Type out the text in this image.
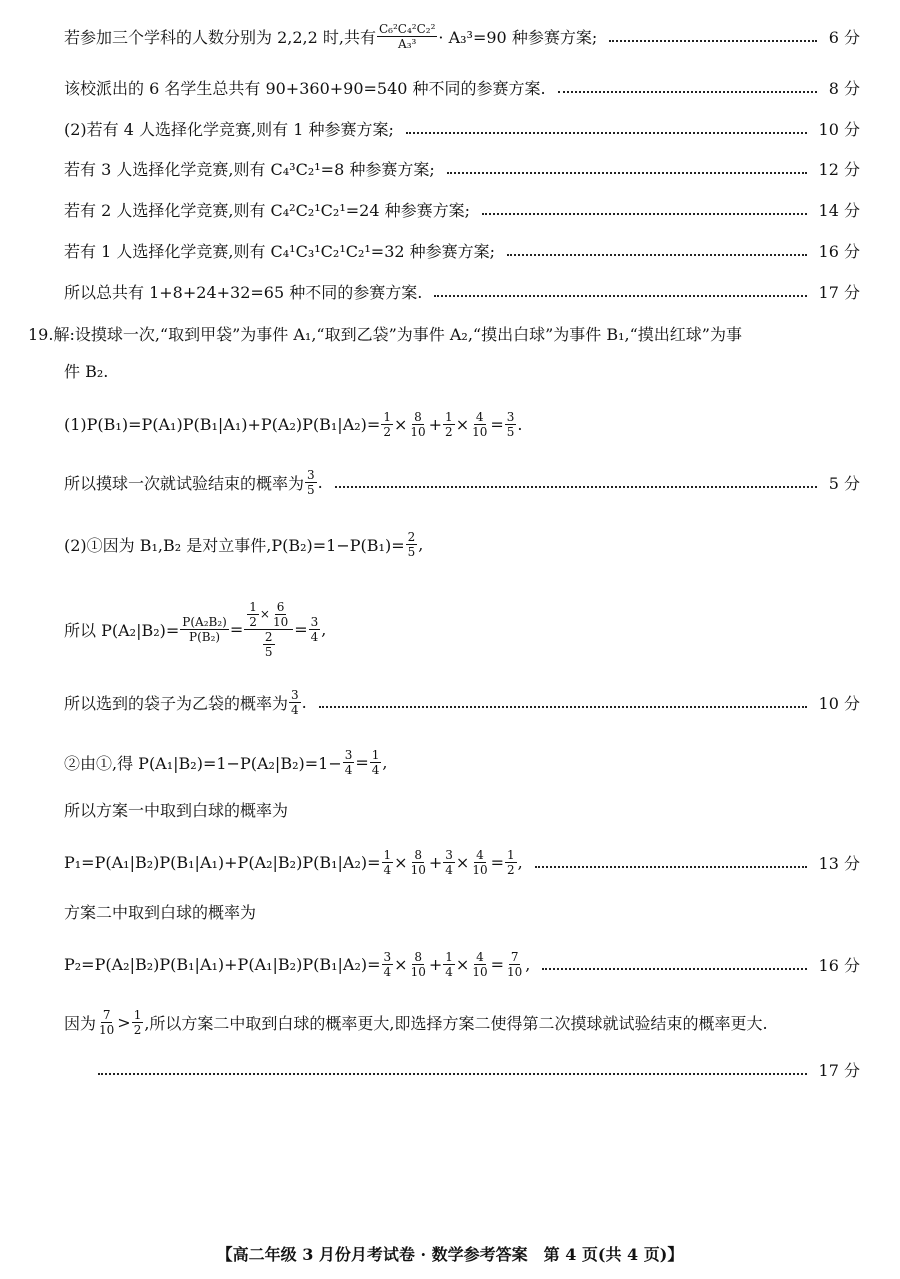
若参加三个学科的人数分别为 2,2,2 时,共有 $\frac{\text{C₆²C₄²C₂²}}{\text{A₃³}} \cdot A_3^3=90$ 种参赛方案;	6 分
该校派出的 6 名学生总共有 90+360+90=540 种不同的参赛方案.	8 分
(2)若有 4 人选择化学竞赛,则有 1 种参赛方案;	10 分
若有 3 人选择化学竞赛,则有 C₄³C₂¹=8 种参赛方案;	12 分
若有 2 人选择化学竞赛,则有 C₄²C₂¹C₂¹=24 种参赛方案;	14 分
若有 1 人选择化学竞赛,则有 C₄¹C₃¹C₂¹C₂¹=32 种参赛方案;	16 分
所以总共有 1+8+24+32=65 种不同的参赛方案.	17 分
19.解:设摸球一次,“取到甲袋”为事件 A₁,“取到乙袋”为事件 A₂,“摸出白球”为事件 B₁,“摸出红球”为事
件 B₂.
$(1)P(B_1)=P(A_1)P(B_1|A_1)+P(A_2)P(B_1|A_2)= \frac{1}{2} \times \frac{8}{10} + \frac{1}{2} \times \frac{4}{10} = \frac{3}{5}$ .
所以摸球一次就试验结束的概率为 $\frac{3}{5}$ .	5 分
(2)①因为 B₁,B₂ 是对立事件$,P(B_2)=1-P(B_1)= \frac{2}{5}$ ,
所以 $P(A_2|B_2)= \frac{\text{P(A₂B₂)}}{\text{P(B₂)}} = \frac{\frac{1}{2} \times \frac{6}{10}}{\frac{2}{5}} = \frac{3}{4}$ ,
所以选到的袋子为乙袋的概率为 $\frac{3}{4}$ .	10 分
②由①,得 $P(A_1|B_2)=1-P(A_2|B_2)=1- \frac{3}{4} = \frac{1}{4}$ ,
所以方案一中取到白球的概率为
$P_1=P(A_1|B_2)P(B_1|A_1)+P(A_2|B_2)P(B_1|A_2)= \frac{1}{4} \times \frac{8}{10} + \frac{3}{4} \times \frac{4}{10} = \frac{1}{2}$ ,	13 分
方案二中取到白球的概率为
$P_2=P(A_2|B_2)P(B_1|A_1)+P(A_1|B_2)P(B_1|A_2)= \frac{3}{4} \times \frac{8}{10} + \frac{1}{4} \times \frac{4}{10} = \frac{7}{10}$ ,	16 分
因为 $\frac{7}{10} > \frac{1}{2}$ ,所以方案二中取到白球的概率更大,即选择方案二使得第二次摸球就试验结束的概率更大.
17 分
【高二年级 3 月份月考试卷 · 数学参考答案　第 4 页(共 4 页)】
